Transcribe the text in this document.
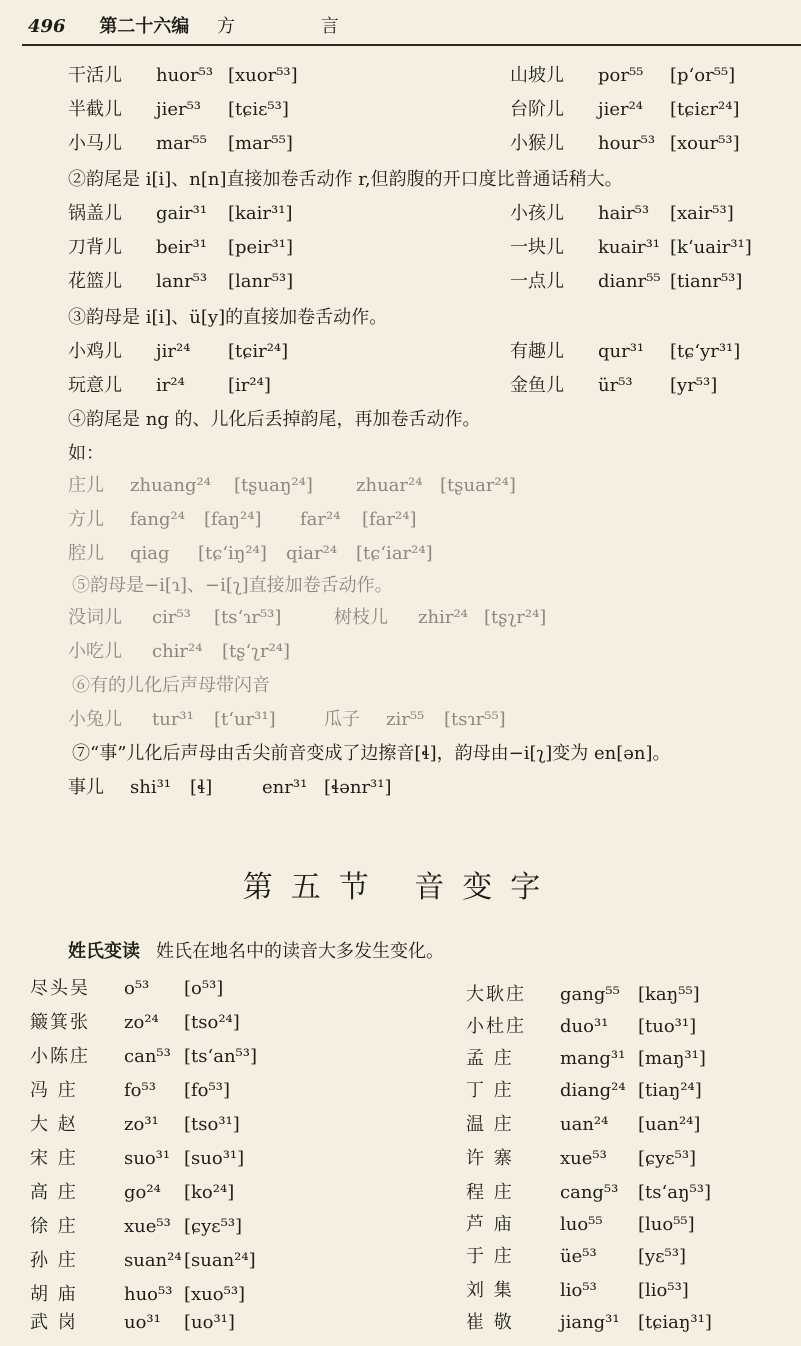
496 第二十六编 方 言
干活儿 huor⁵³ [xuor⁵³]	山坡儿 por⁵⁵ [p‘or⁵⁵]
半截儿 jier⁵³ [tɕiɛ⁵³]	台阶儿 jier²⁴ [tɕiɛr²⁴]
小马儿 mar⁵⁵ [mar⁵⁵]	小猴儿 hour⁵³ [xour⁵³]
②韵尾是 i[i]、n[n]直接加卷舌动作 r,但韵腹的开口度比普通话稍大。
锅盖儿 gair³¹ [kair³¹]	小孩儿 hair⁵³ [xair⁵³]
刀背儿 beir³¹ [peir³¹]	一块儿 kuair³¹ [k‘uair³¹]
花篮儿 lanr⁵³ [lanr⁵³]	一点儿 dianr⁵⁵ [tianr⁵³]
③韵母是 i[i]、ü[y]的直接加卷舌动作。
小鸡儿 jir²⁴ [tɕir²⁴]	有趣儿 qur³¹ [tɕ‘yr³¹]
玩意儿 ir²⁴ [ir²⁴]	金鱼儿 ür⁵³ [yr⁵³]
④韵尾是 ng 的、儿化后丢掉韵尾，再加卷舌动作。
如：
庄儿 zhuang²⁴ [tʂuaŋ²⁴] zhuar²⁴ [tʂuar²⁴]
方儿 fang²⁴ [faŋ²⁴] far²⁴ [far²⁴]
腔儿 qiag [tɕ‘iŋ²⁴] qiar²⁴ [tɕ‘iar²⁴]
⑤韵母是−i[ɿ]、−i[ʅ]直接加卷舌动作。
没词儿 cir⁵³ [ts‘ɿr⁵³]	树枝儿 zhir²⁴ [tʂʅr²⁴]
小吃儿 chir²⁴ [tʂ‘ʅr²⁴]
⑥有的儿化后声母带闪音
小兔儿 tur³¹ [t‘ur³¹]	瓜子 zir⁵⁵ [tsɿr⁵⁵]
⑦“事”儿化后声母由舌尖前音变成了边擦音[ɬ]，韵母由−i[ʅ]变为 en[ən]。
事儿 shi³¹ [ɬ]	enr³¹ [ɬənr³¹]
第五节 音变字
姓氏变读 姓氏在地名中的读音大多发生变化。
尽头吴 o⁵³ [o⁵³]
簸箕张 zo²⁴ [tso²⁴]
小陈庄 can⁵³ [ts‘an⁵³]
冯 庄	fo⁵³ [fo⁵³]
大 赵	zo³¹ [tso³¹]
宋 庄	suo³¹ [suo³¹]
高 庄	go²⁴ [ko²⁴]
徐 庄	xue⁵³ [ɕyɛ⁵³]
孙 庄	suan²⁴ [suan²⁴]
胡 庙	huo⁵³ [xuo⁵³]
武 岗	uo³¹ [uo³¹]
大耿庄 gang⁵⁵ [kaŋ⁵⁵]
小杜庄 duo³¹ [tuo³¹]
孟 庄	mang³¹ [maŋ³¹]
丁 庄	diang²⁴ [tiaŋ²⁴]
温 庄	uan²⁴ [uan²⁴]
许 寨	xue⁵³ [ɕyɛ⁵³]
程 庄	cang⁵³ [ts‘aŋ⁵³]
芦 庙	luo⁵⁵ [luo⁵⁵]
于 庄	üe⁵³ [yɛ⁵³]
刘 集	lio⁵³ [lio⁵³]
崔 敬	jiang³¹ [tɕiaŋ³¹]
